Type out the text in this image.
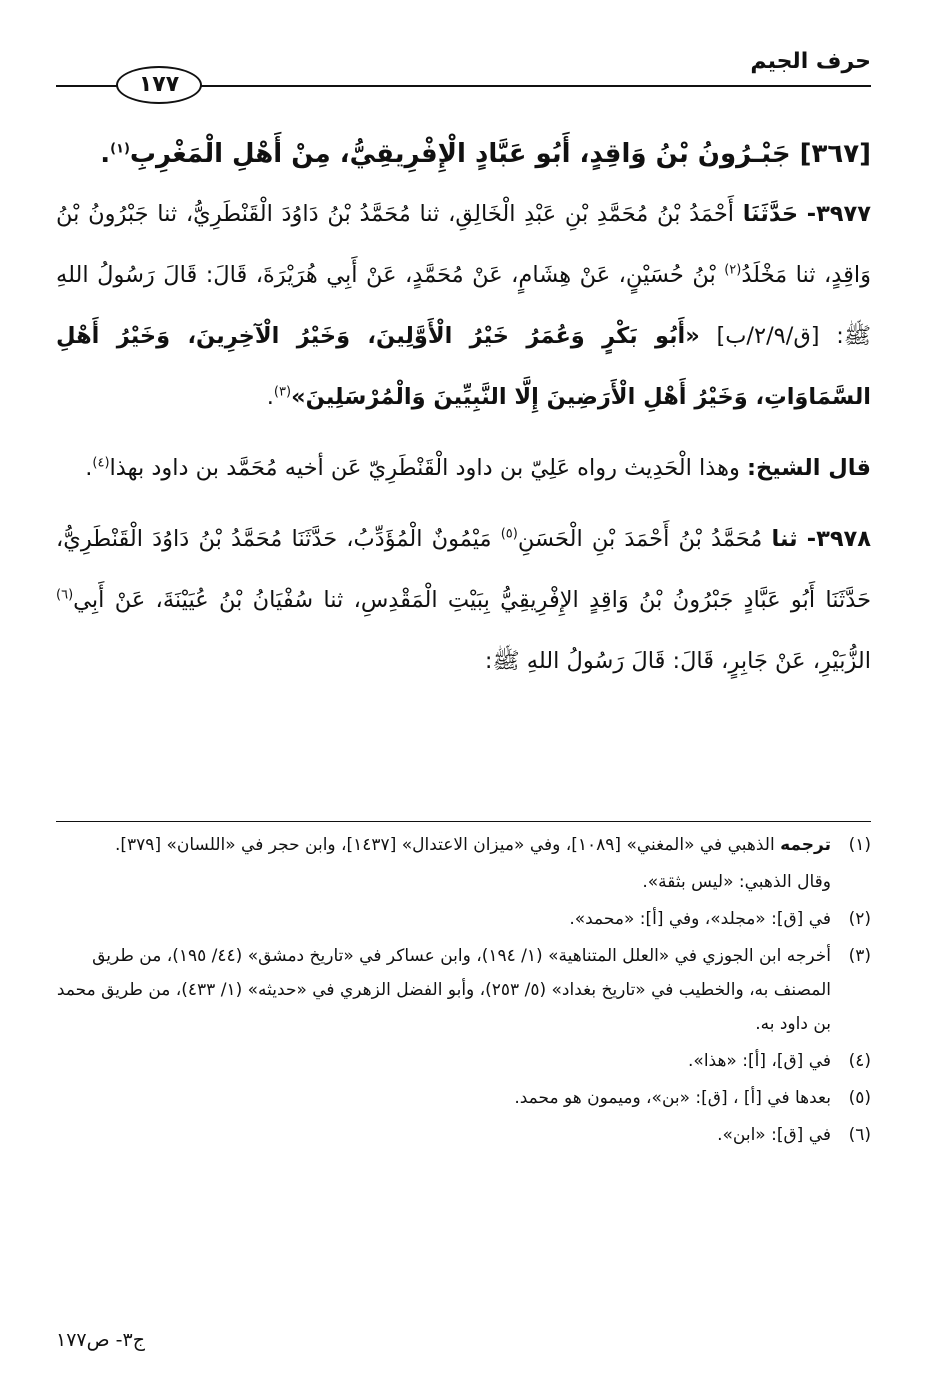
حرف الجيم
١٧٧

[٣٦٧] جَبْـرُونُ بْنُ وَاقِدٍ، أَبُو عَبَّادٍ الْإِفْرِيقِيُّ، مِنْ أَهْلِ الْمَغْرِبِ$^{(١)}$.

٣٩٧٧- حَدَّثَنَا أَحْمَدُ بْنُ مُحَمَّدِ بْنِ عَبْدِ الْخَالِقِ، ثنا مُحَمَّدُ بْنُ دَاوُدَ الْقَنْطَرِيُّ، ثنا جَبْرُونُ بْنُ وَاقِدٍ، ثنا مَخْلَدُ$^{(٢)}$ بْنُ حُسَيْنٍ، عَنْ هِشَامٍ، عَنْ مُحَمَّدٍ، عَنْ أَبِي هُرَيْرَةَ، قَالَ: قَالَ رَسُولُ اللهِ ﷺ: [ق/٢/٩/ب] «أَبُو بَكْرٍ وَعُمَرُ خَيْرُ الْأَوَّلِينَ، وَخَيْرُ الْآخِرِينَ، وَخَيْرُ أَهْلِ السَّمَاوَاتِ، وَخَيْرُ أَهْلِ الْأَرَضِينَ إِلَّا النَّبِيِّينَ وَالْمُرْسَلِينَ»$^{(٣)}$.

قال الشيخ: وهذا الْحَدِيث رواه عَلِيّ بن داود الْقَنْطَرِيّ عَن أخيه مُحَمَّد بن داود بهذا$^{(٤)}$.

٣٩٧٨- ثنا مُحَمَّدُ بْنُ أَحْمَدَ بْنِ الْحَسَنِ$^{(٥)}$ مَيْمُونٌ الْمُؤَدِّبُ، حَدَّثَنَا مُحَمَّدُ بْنُ دَاوُدَ الْقَنْطَرِيُّ، حَدَّثَنَا أَبُو عَبَّادٍ جَبْرُونُ بْنُ وَاقِدٍ الإِفْرِيقِيُّ بِبَيْتِ الْمَقْدِسِ، ثنا سُفْيَانُ بْنُ عُيَيْنَةَ، عَنْ أَبِي$^{(٦)}$ الزُّبَيْرِ، عَنْ جَابِرٍ، قَالَ: قَالَ رَسُولُ اللهِ ﷺ:

(١)
ترجمه الذهبي في «المغني» [١٠٨٩]، وفي «ميزان الاعتدال» [١٤٣٧]، وابن حجر في «اللسان» [٣٧٩].

وقال الذهبي: «ليس بثقة».

(٢)
في [ق]: «مجلد»، وفي [أ]: «محمد».

(٣)
أخرجه ابن الجوزي في «العلل المتناهية» (١/ ١٩٤)، وابن عساكر في «تاريخ دمشق» (٤٤/ ١٩٥)، من طريق المصنف به، والخطيب في «تاريخ بغداد» (٥/ ٢٥٣)، وأبو الفضل الزهري في «حديثه» (١/ ٤٣٣)، من طريق محمد بن داود به.

(٤)
في [ق]، [أ]: «هذا».

(٥)
بعدها في [أ] ، [ق]: «بن»، وميمون هو محمد.

(٦)
في [ق]: «ابن».

ج٣- ص١٧٧
